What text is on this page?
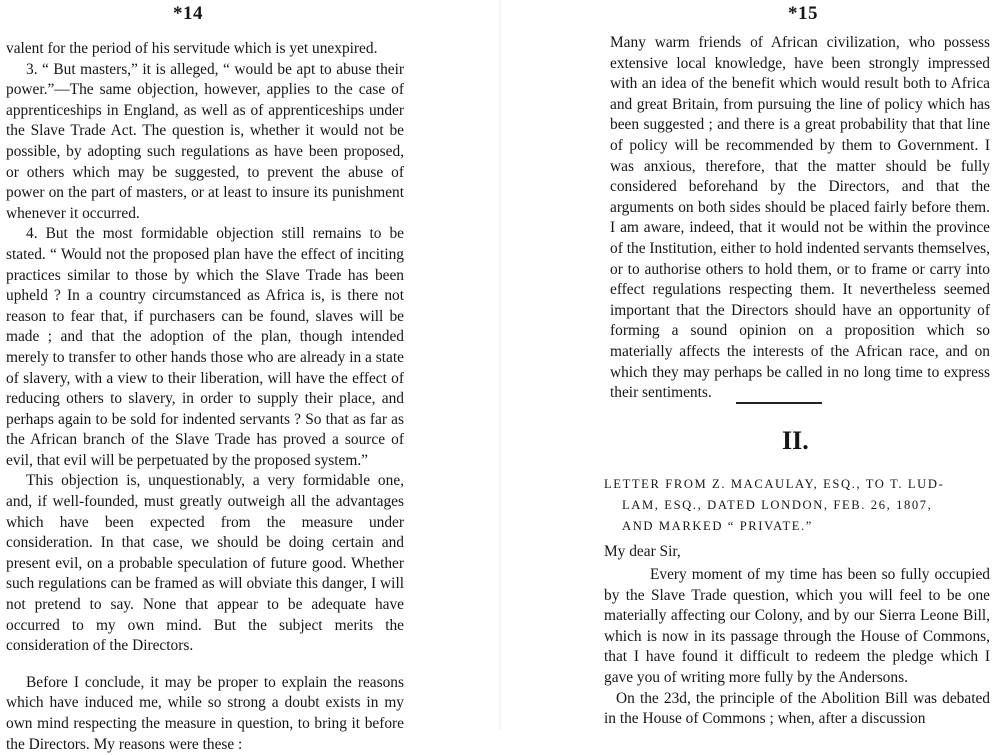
*14

valent for the period of his servitude which is yet unexpired.

3. “ But masters,” it is alleged, “ would be apt to abuse their power.”—The same objection, however, applies to the case of apprenticeships in England, as well as of apprenticeships under the Slave Trade Act. The question is, whether it would not be possible, by adopting such regulations as have been proposed, or others which may be suggested, to prevent the abuse of power on the part of masters, or at least to insure its punishment whenever it occurred.

4. But the most formidable objection still remains to be stated. “ Would not the proposed plan have the effect of inciting practices similar to those by which the Slave Trade has been upheld ? In a country circumstanced as Africa is, is there not reason to fear that, if purchasers can be found, slaves will be made ; and that the adoption of the plan, though intended merely to transfer to other hands those who are already in a state of slavery, with a view to their liberation, will have the effect of reducing others to slavery, in order to supply their place, and perhaps again to be sold for indented servants ? So that as far as the African branch of the Slave Trade has proved a source of evil, that evil will be perpetuated by the proposed system.”

This objection is, unquestionably, a very formidable one, and, if well-founded, must greatly outweigh all the advantages which have been expected from the measure under consideration. In that case, we should be doing certain and present evil, on a probable speculation of future good. Whether such regulations can be framed as will obviate this danger, I will not pretend to say. None that appear to be adequate have occurred to my own mind. But the subject merits the consideration of the Directors.

Before I conclude, it may be proper to explain the reasons which have induced me, while so strong a doubt exists in my own mind respecting the measure in question, to bring it before the Directors. My reasons were these :

*15

Many warm friends of African civilization, who possess extensive local knowledge, have been strongly impressed with an idea of the benefit which would result both to Africa and great Britain, from pursuing the line of policy which has been suggested ; and there is a great probability that that line of policy will be recommended by them to Government. I was anxious, therefore, that the matter should be fully considered beforehand by the Directors, and that the arguments on both sides should be placed fairly before them. I am aware, indeed, that it would not be within the province of the Institution, either to hold indented servants themselves, or to authorise others to hold them, or to frame or carry into effect regulations respecting them. It nevertheless seemed important that the Directors should have an opportunity of forming a sound opinion on a proposition which so materially affects the interests of the African race, and on which they may perhaps be called in no long time to express their sentiments.

II.
LETTER FROM Z. MACAULAY, ESQ., TO T. LUD-
LAM, ESQ., DATED LONDON, FEB. 26, 1807,
AND MARKED “ PRIVATE.”
My dear Sir,

Every moment of my time has been so fully occupied by the Slave Trade question, which you will feel to be one materially affecting our Colony, and by our Sierra Leone Bill, which is now in its passage through the House of Commons, that I have found it difficult to redeem the pledge which I gave you of writing more fully by the Andersons.

On the 23d, the principle of the Abolition Bill was debated in the House of Commons ; when, after a discussion
